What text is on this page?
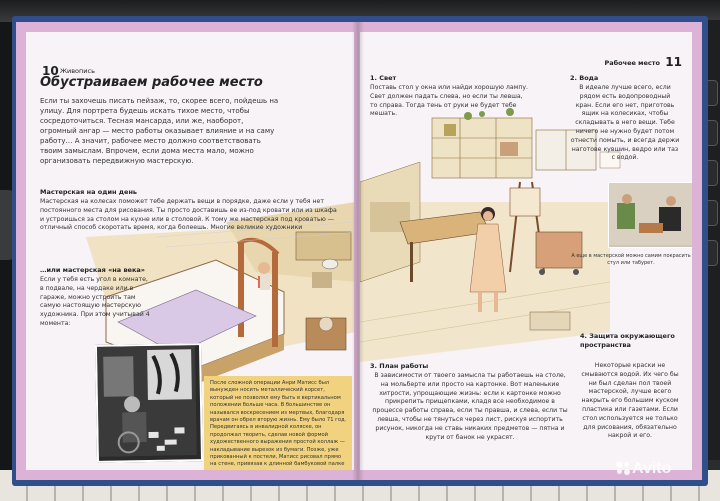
10 Живопись
Обустраиваем рабочее место
Если ты захочешь писать пейзаж, то, скорее всего, пойдешь на улицу. Для портрета будешь искать тихое место, чтобы сосредоточиться. Тесная мансарда, или же, наоборот, огромный ангар — место работы оказывает влияние и на саму работу… А значит, рабочее место должно соответствовать твоим замыслам. Впрочем, если дома места мало, можно организовать передвижную мастерскую.
Мастерская на один день
Мастерская на колесах поможет тебе держать вещи в порядке, даже если у тебя нет постоянного места для рисования. Ты просто доставишь ее из-под кровати или из шкафа и устроишься за столом на кухне или в столовой. К тому же мастерская под кроватью — отличный способ скоротать время, когда болеешь. Многие великие художники
…или мастерская «на века»
Если у тебя есть угол в комнате, в подвале, на чердаке или в гараже, можно устроить там самую настоящую мастерскую художника. При этом учитывай 4 момента:
После сложной операции Анри Матисс был вынужден носить металлический корсет, который не позволял ему быть в вертикальном положении больше часа. В большинстве он назывался воскресением из мертвых, благодаря врачам он обрел вторую жизнь. Ему было 71 год. Передвигаясь в инвалидной коляске, он продолжал творить, сделав новой формой художественного выражения простой коллаж — накладывание вырезок из бумаги. Позже, уже прикованный к постели, Матисс рисовал прямо на стене, привязав к длинной бамбуковой палке кусок угля.
11
Рабочее место
1. Свет
Поставь стол у окна или найди хорошую лампу. Свет должен падать слева, но если ты левша, то справа. Тогда тень от руки не будет тебе мешать.
2. Вода
В идеале лучше всего, если рядом есть водопроводный кран. Если его нет, приготовь ящик на колесиках, чтобы складывать в него вещи. Тебе ничего не нужно будет потом отнести помыть, и всегда держи наготове кувшин, ведро или таз с водой.
А еще в мастерской можно самим покрасить стул или табурет.
3. План работы
В зависимости от твоего замысла ты работаешь на столе, на мольберте или просто на картонке. Вот маленькие хитрости, упрощающие жизнь: если к картонке можно прикрепить прищепками, кладя все необходимое в процессе работы справа, если ты правша, и слева, если ты левша, чтобы не тянуться через лист, рискуя испортить рисунок, никогда не ставь никаких предметов — пятна и крути от банок не украсят.
4. Защита окружающего пространства
Некоторые краски не смываются водой. Их чего бы ни был сделан пол твоей мастерской, лучше всего накрыть его большим куском пластика или газетами. Если стол используется не только для рисования, обязательно накрой и его.
Avito
